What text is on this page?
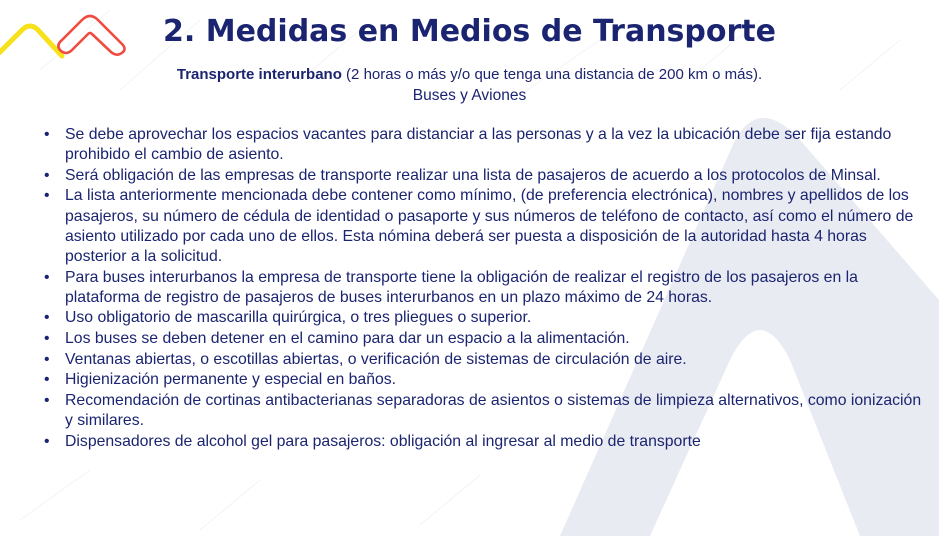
2. Medidas en Medios de Transporte
Transporte interurbano (2 horas o más y/o que tenga una distancia de 200 km o más).
Buses y Aviones
• Se debe aprovechar los espacios vacantes para distanciar a las personas y a la vez la ubicación debe ser fija estando prohibido el cambio de asiento.
• Será obligación de las empresas de transporte realizar una lista de pasajeros de acuerdo a los protocolos de Minsal.
• La lista anteriormente mencionada debe contener como mínimo, (de preferencia electrónica), nombres y apellidos de los pasajeros, su número de cédula de identidad o pasaporte y sus números de teléfono de contacto, así como el número de asiento utilizado por cada uno de ellos. Esta nómina deberá ser puesta a disposición de la autoridad hasta 4 horas posterior a la solicitud.
• Para buses interurbanos la empresa de transporte tiene la obligación de realizar el registro de los pasajeros en la plataforma de registro de pasajeros de buses interurbanos en un plazo máximo de 24 horas.
• Uso obligatorio de mascarilla quirúrgica, o tres pliegues o superior.
• Los buses se deben detener en el camino para dar un espacio a la alimentación.
• Ventanas abiertas, o escotillas abiertas, o verificación de sistemas de circulación de aire.
• Higienización permanente y especial en baños.
• Recomendación de cortinas antibacterianas separadoras de asientos o sistemas de limpieza alternativos, como ionización y similares.
• Dispensadores de alcohol gel para pasajeros: obligación al ingresar al medio de transporte
